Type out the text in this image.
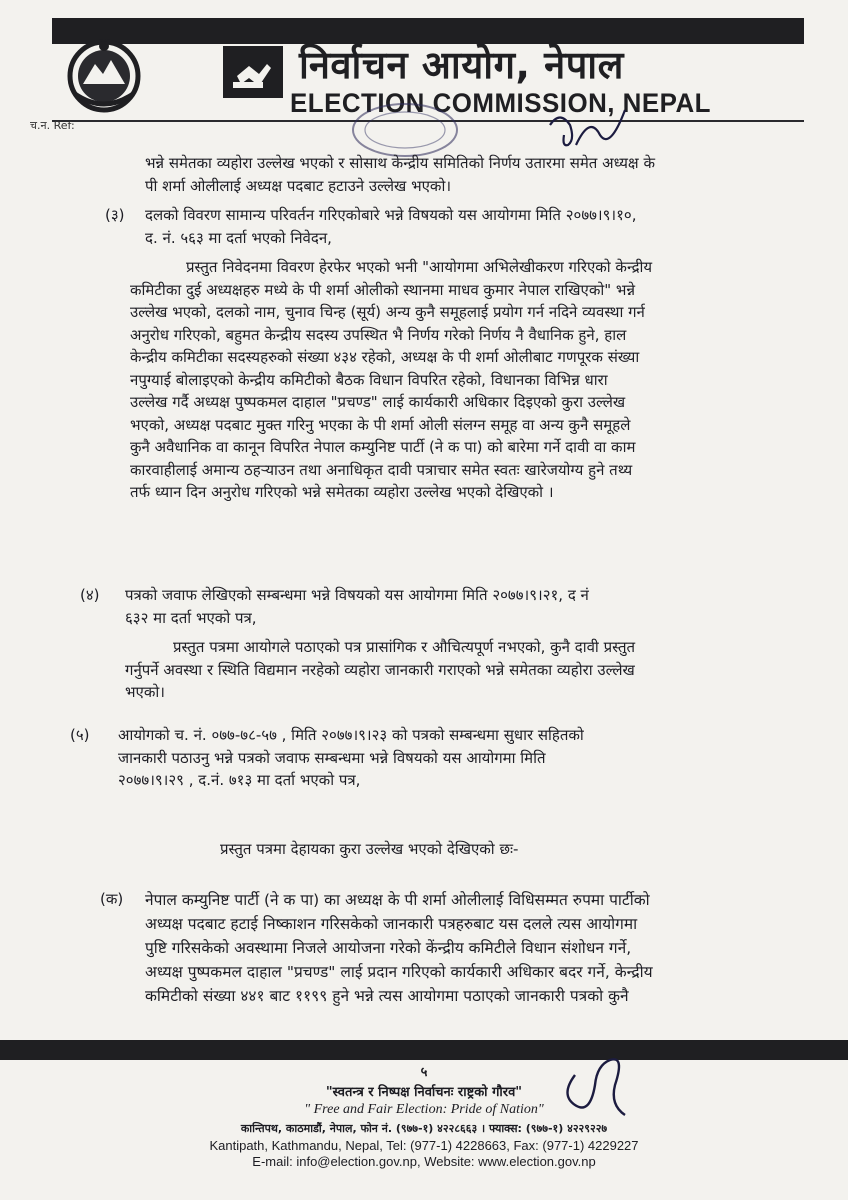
निर्वाचन आयोग, नेपाल
ELECTION COMMISSION, NEPAL
च.न. Ref:
भन्ने समेतका व्यहोरा उल्लेख भएको र सोसाथ केन्द्रीय समितिको निर्णय उतारमा समेत अध्यक्ष के
पी शर्मा ओलीलाई अध्यक्ष पदबाट हटाउने उल्लेख भएको।
(३) दलको विवरण सामान्य परिवर्तन गरिएकोबारे भन्ने विषयको यस आयोगमा मिति २०७७।९।१०,
द. नं. ५६३ मा दर्ता भएको निवेदन,
प्रस्तुत निवेदनमा विवरण हेरफेर भएको भनी "आयोगमा अभिलेखीकरण गरिएको केन्द्रीय
कमिटीका दुई अध्यक्षहरु मध्ये के पी शर्मा ओलीको स्थानमा माधव कुमार नेपाल राखिएको" भन्ने
उल्लेख भएको, दलको नाम, चुनाव चिन्ह (सूर्य) अन्य कुनै समूहलाई प्रयोग गर्न नदिने व्यवस्था गर्न
अनुरोध गरिएको, बहुमत केन्द्रीय सदस्य उपस्थित भै निर्णय गरेको निर्णय नै वैधानिक हुने, हाल
केन्द्रीय कमिटीका सदस्यहरुको संख्या ४३४ रहेको, अध्यक्ष के पी शर्मा ओलीबाट गणपूरक संख्या
नपुग्याई बोलाइएको केन्द्रीय कमिटीको बैठक विधान विपरित रहेको, विधानका विभिन्न धारा
उल्लेख गर्दै अध्यक्ष पुष्पकमल दाहाल "प्रचण्ड" लाई कार्यकारी अधिकार दिइएको कुरा उल्लेख
भएको, अध्यक्ष पदबाट मुक्त गरिनु भएका के पी शर्मा ओली संलग्न समूह वा अन्य कुनै समूहले
कुनै अवैधानिक वा कानून विपरित नेपाल कम्युनिष्ट पार्टी (ने क पा) को बारेमा गर्ने दावी वा काम
कारवाहीलाई अमान्य ठहऱ्याउन तथा अनाधिकृत दावी पत्राचार समेत स्वतः खारेजयोग्य हुने तथ्य
तर्फ ध्यान दिन अनुरोध गरिएको भन्ने समेतका व्यहोरा उल्लेख भएको देखिएको ।
(४) पत्रको जवाफ लेखिएको सम्बन्धमा भन्ने विषयको यस आयोगमा मिति २०७७।९।२१, द नं
६३२ मा दर्ता भएको पत्र,
प्रस्तुत पत्रमा आयोगले पठाएको पत्र प्रासांगिक र औचित्यपूर्ण नभएको, कुनै दावी प्रस्तुत
गर्नुपर्ने अवस्था र स्थिति विद्यमान नरहेको व्यहोरा जानकारी गराएको भन्ने समेतका व्यहोरा उल्लेख
भएको।
(५) आयोगको च. नं. ०७७-७८-५७ , मिति २०७७।९।२३ को पत्रको सम्बन्धमा सुधार सहितको
जानकारी पठाउनु भन्ने पत्रको जवाफ सम्बन्धमा भन्ने विषयको यस आयोगमा मिति
२०७७।९।२९ , द.नं. ७१३ मा दर्ता भएको पत्र,
प्रस्तुत पत्रमा देहायका कुरा उल्लेख भएको देखिएको छः-
(क) नेपाल कम्युनिष्ट पार्टी (ने क पा) का अध्यक्ष के पी शर्मा ओलीलाई विधिसम्मत रुपमा पार्टीको
अध्यक्ष पदबाट हटाई निष्काशन गरिसकेको जानकारी पत्रहरुबाट यस दलले त्यस आयोगमा
पुष्टि गरिसकेको अवस्थामा निजले आयोजना गरेको केंन्द्रीय कमिटीले विधान संशोधन गर्ने,
अध्यक्ष पुष्पकमल दाहाल "प्रचण्ड" लाई प्रदान गरिएको कार्यकारी अधिकार बदर गर्ने, केन्द्रीय
कमिटीको संख्या ४४१ बाट ११९९ हुने भन्ने त्यस आयोगमा पठाएको जानकारी पत्रको कुनै
५
"स्वतन्त्र र निष्पक्ष निर्वाचनः राष्ट्रको गौरव"
" Free and Fair Election: Pride of Nation"
कान्तिपथ, काठमाडौं, नेपाल, फोन नं. (९७७-१) ४२२८६६३ । फ्याक्स: (९७७-१) ४२२९२२७
Kantipath, Kathmandu, Nepal, Tel: (977-1) 4228663, Fax: (977-1) 4229227
E-mail: info@election.gov.np, Website: www.election.gov.np
